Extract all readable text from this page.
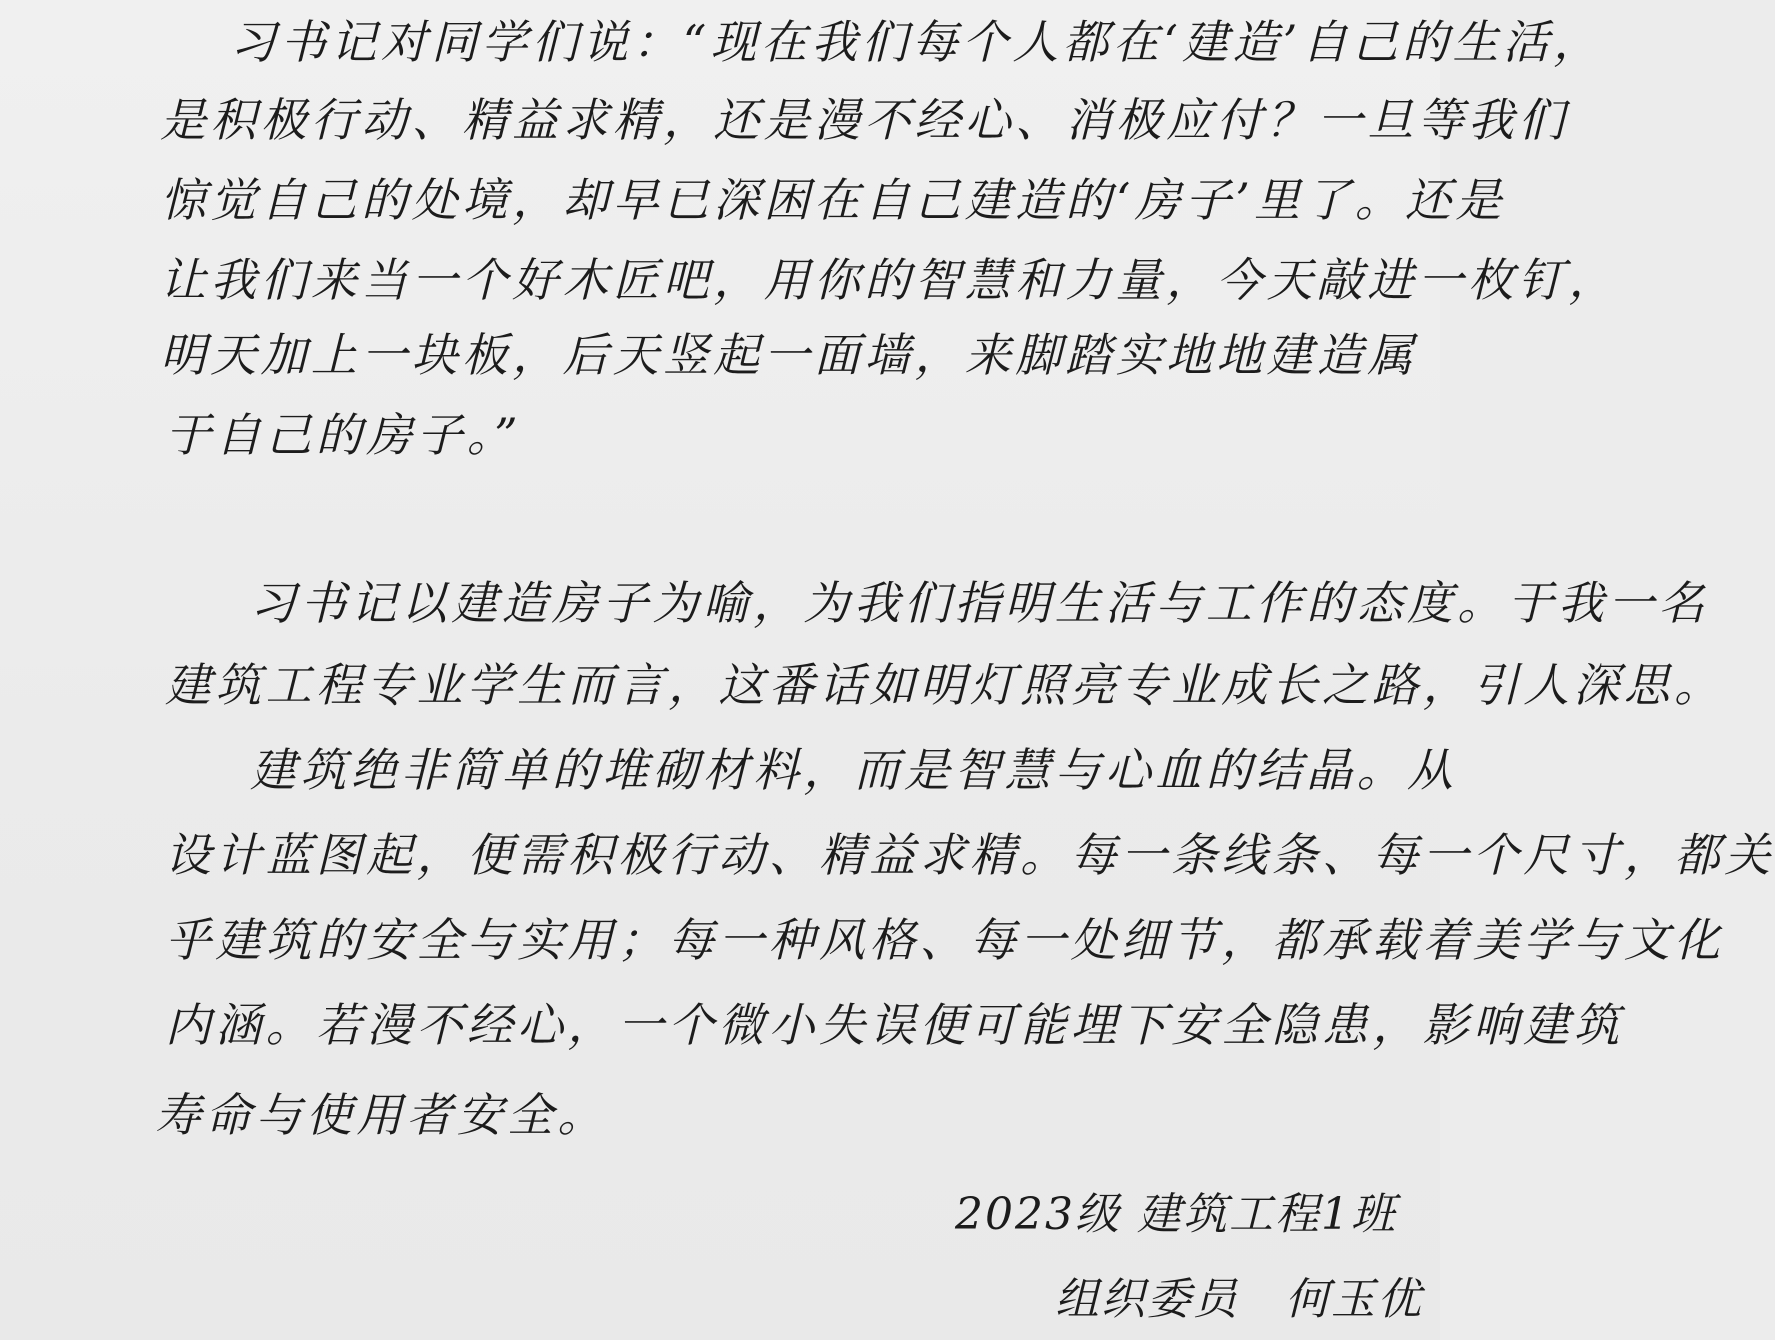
习书记对同学们说：“现在我们每个人都在‘建造’自己的生活，

是积极行动、精益求精，还是漫不经心、消极应付？一旦等我们

惊觉自己的处境，却早已深困在自己建造的‘房子’里了。还是

让我们来当一个好木匠吧，用你的智慧和力量，今天敲进一枚钉，

明天加上一块板，后天竖起一面墙，来脚踏实地地建造属

于自己的房子。”

习书记以建造房子为喻，为我们指明生活与工作的态度。于我一名

建筑工程专业学生而言，这番话如明灯照亮专业成长之路，引人深思。

建筑绝非简单的堆砌材料，而是智慧与心血的结晶。从

设计蓝图起，便需积极行动、精益求精。每一条线条、每一个尺寸，都关

乎建筑的安全与实用；每一种风格、每一处细节，都承载着美学与文化

内涵。若漫不经心，一个微小失误便可能埋下安全隐患，影响建筑

寿命与使用者安全。

2023级 建筑工程1班

组织委员　何玉优
